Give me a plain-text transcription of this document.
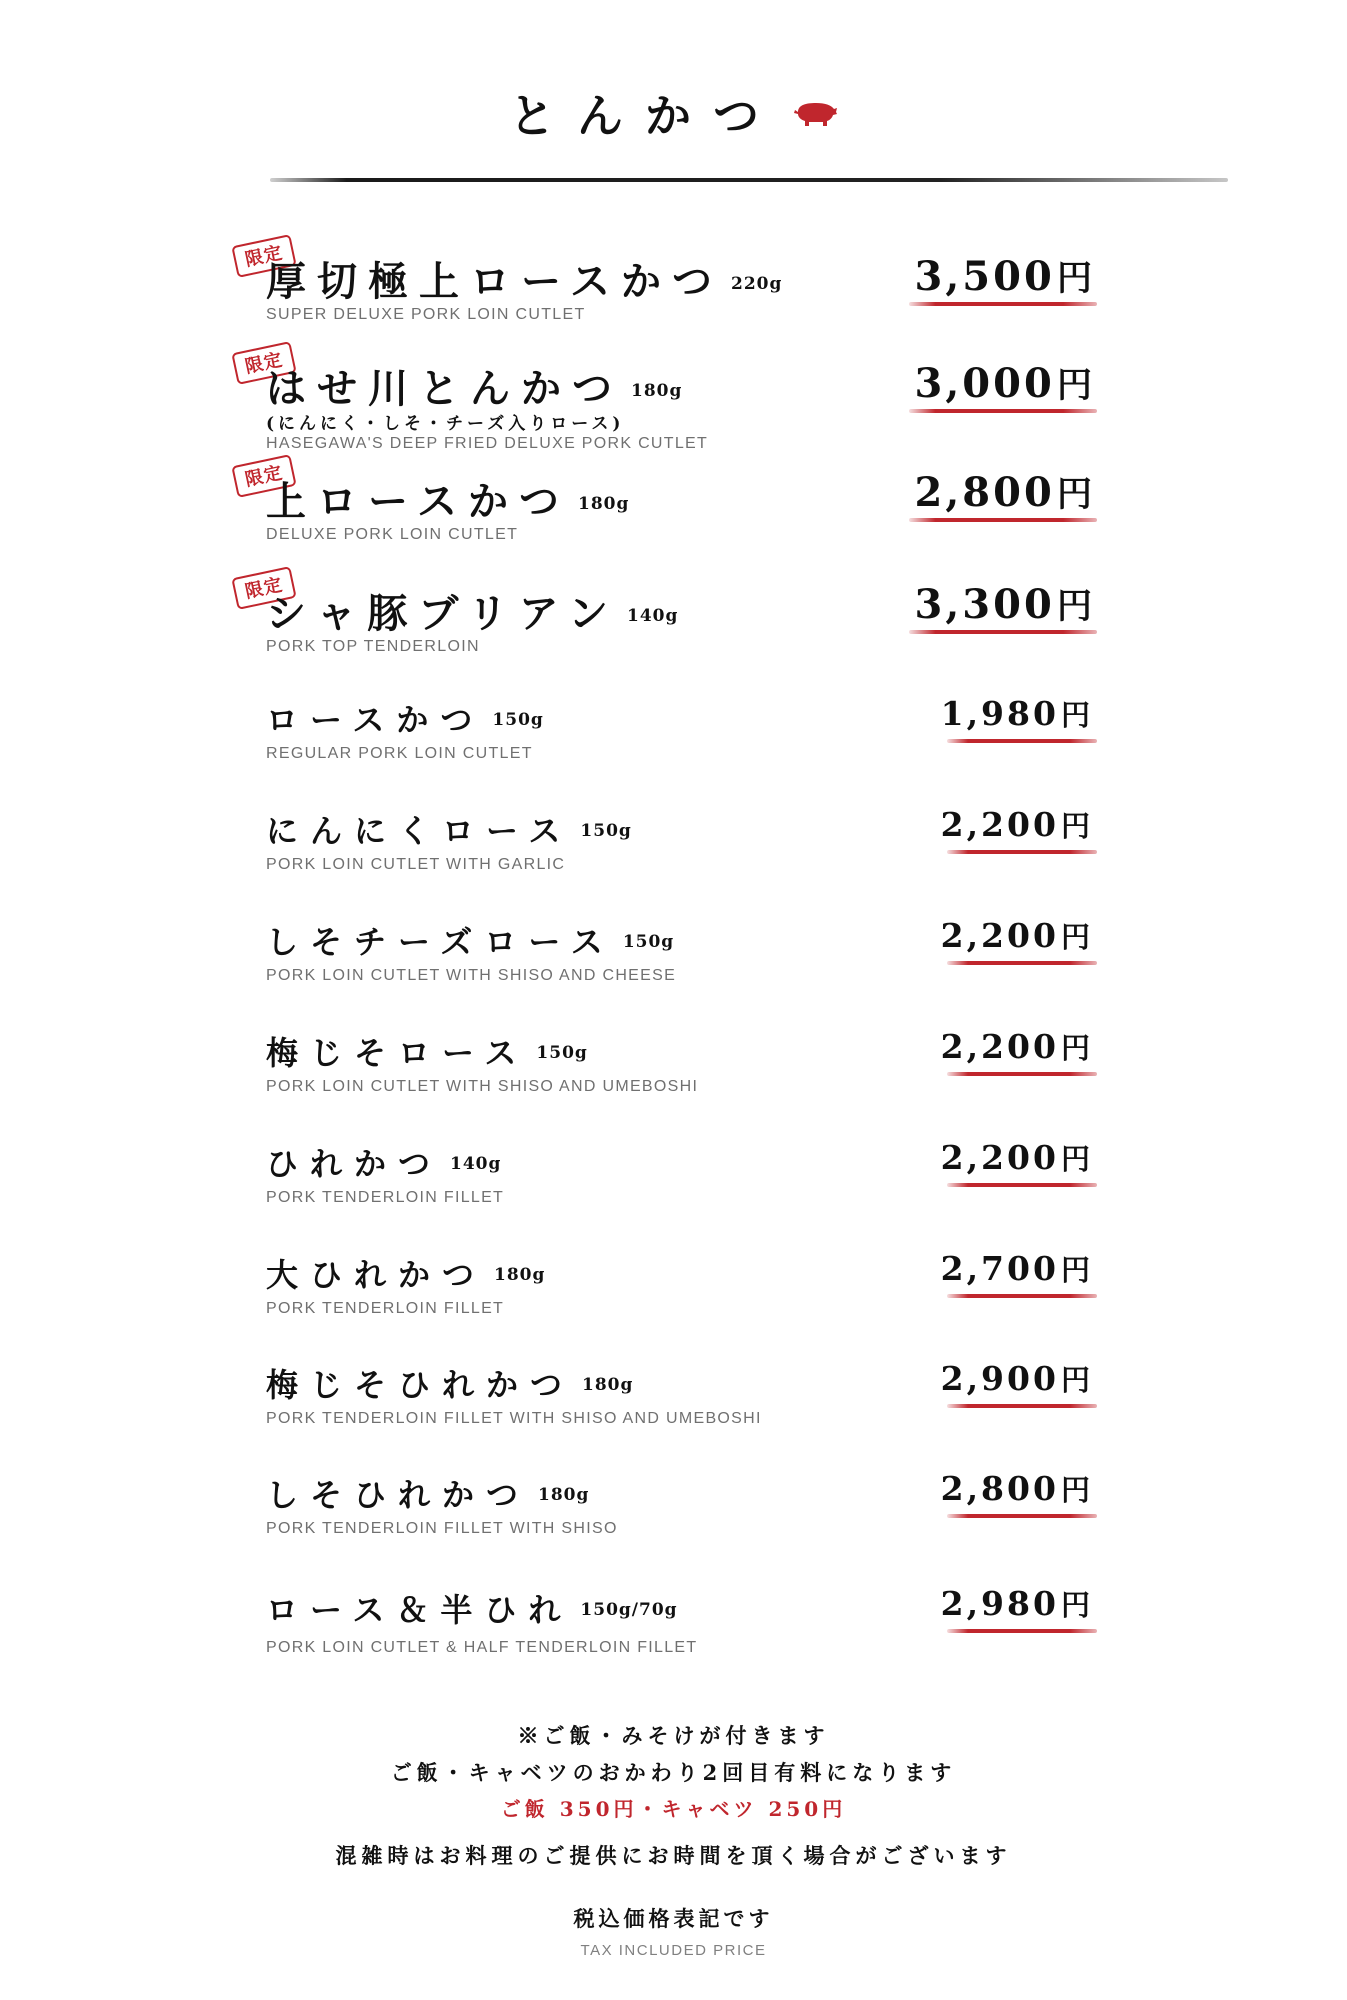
とんかつ
限定
厚切極上ロースかつ 220g
SUPER DELUXE PORK LOIN CUTLET
3,500円
限定
はせ川とんかつ 180g
(にんにく・しそ・チーズ入りロース)
HASEGAWA'S DEEP FRIED DELUXE PORK CUTLET
3,000円
限定
上ロースかつ 180g
DELUXE PORK LOIN CUTLET
2,800円
限定
シャ豚ブリアン 140g
PORK TOP TENDERLOIN
3,300円
ロースかつ 150g
REGULAR PORK LOIN CUTLET
1,980円
にんにくロース 150g
PORK LOIN CUTLET WITH GARLIC
2,200円
しそチーズロース 150g
PORK LOIN CUTLET WITH SHISO AND CHEESE
2,200円
梅じそロース 150g
PORK LOIN CUTLET WITH SHISO AND UMEBOSHI
2,200円
ひれかつ 140g
PORK TENDERLOIN FILLET
2,200円
大ひれかつ 180g
PORK TENDERLOIN FILLET
2,700円
梅じそひれかつ 180g
PORK TENDERLOIN FILLET WITH SHISO AND UMEBOSHI
2,900円
しそひれかつ 180g
PORK TENDERLOIN FILLET WITH SHISO
2,800円
ロース＆半ひれ 150g/70g
PORK LOIN CUTLET & HALF TENDERLOIN FILLET
2,980円
※ご飯・みそけが付きます
ご飯・キャベツのおかわり2回目有料になります
ご飯 350円・キャベツ 250円
混雑時はお料理のご提供にお時間を頂く場合がございます
税込価格表記です
TAX INCLUDED PRICE
